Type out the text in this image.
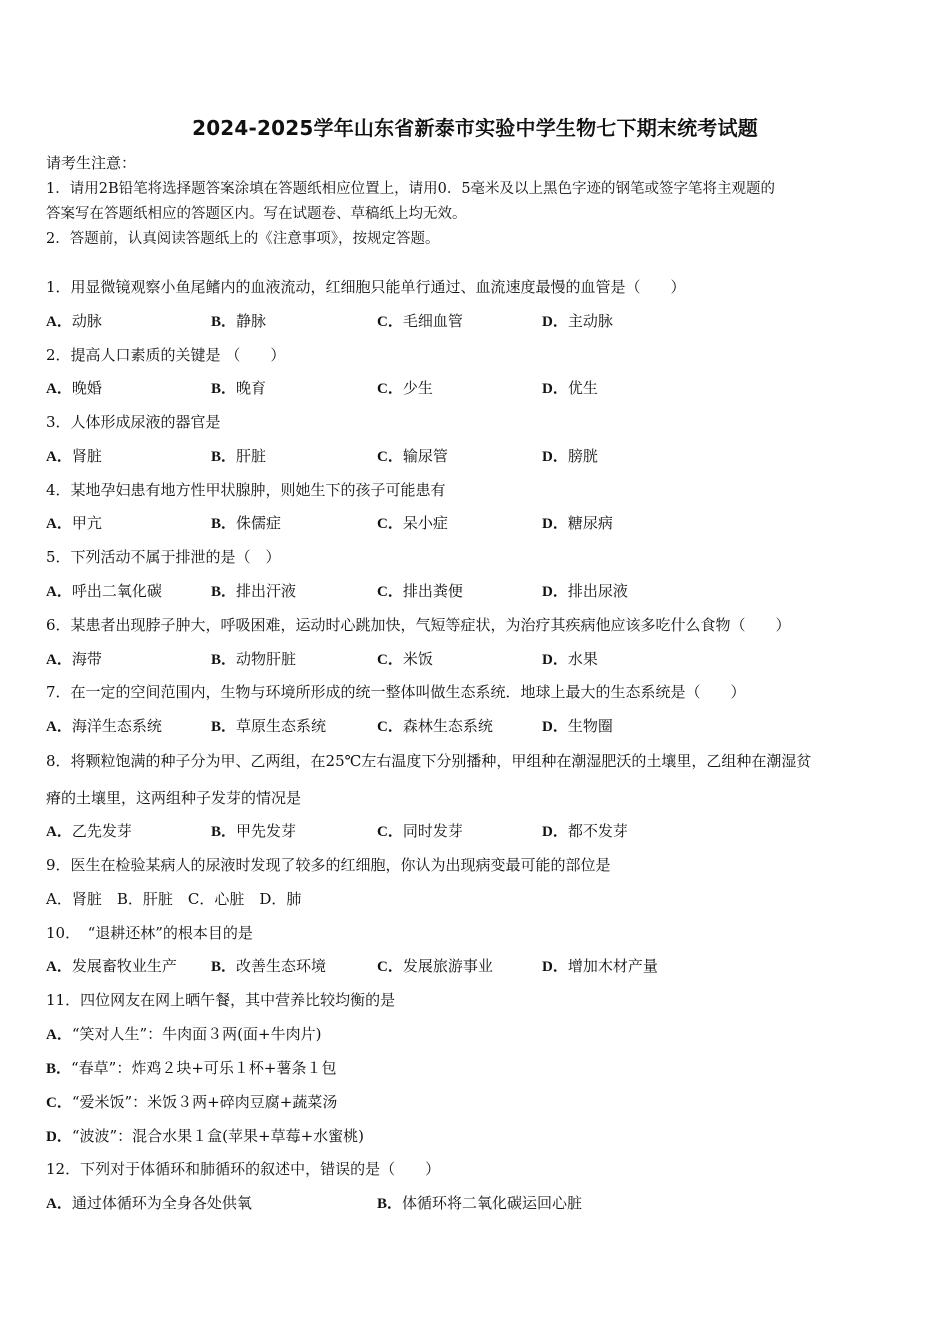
2024-2025学年山东省新泰市实验中学生物七下期末统考试题
请考生注意：
1．请用2B铅笔将选择题答案涂填在答题纸相应位置上，请用0．5毫米及以上黑色字迹的钢笔或签字笔将主观题的
答案写在答题纸相应的答题区内。写在试题卷、草稿纸上均无效。
2．答题前，认真阅读答题纸上的《注意事项》，按规定答题。
1．用显微镜观察小鱼尾鳍内的血液流动，红细胞只能单行通过、血流速度最慢的血管是（　　）
A．动脉	B．静脉	C．毛细血管	D．主动脉
2．提高人口素质的关键是 （　　）
A．晚婚	B．晚育	C．少生	D．优生
3．人体形成尿液的器官是
A．肾脏	B．肝脏	C．输尿管	D．膀胱
4．某地孕妇患有地方性甲状腺肿，则她生下的孩子可能患有
A．甲亢	B．侏儒症	C．呆小症	D．糖尿病
5．下列活动不属于排泄的是（　）
A．呼出二氧化碳	B．排出汗液	C．排出粪便	D．排出尿液
6．某患者出现脖子肿大，呼吸困难，运动时心跳加快，气短等症状，为治疗其疾病他应该多吃什么食物（　　）
A．海带	B．动物肝脏	C．米饭	D．水果
7．在一定的空间范围内，生物与环境所形成的统一整体叫做生态系统．地球上最大的生态系统是（　　）
A．海洋生态系统	B．草原生态系统	C．森林生态系统	D．生物圈
8．将颗粒饱满的种子分为甲、乙两组，在25℃左右温度下分别播种，甲组种在潮湿肥沃的土壤里，乙组种在潮湿贫
瘠的土壤里，这两组种子发芽的情况是
A．乙先发芽	B．甲先发芽	C．同时发芽	D．都不发芽
9．医生在检验某病人的尿液时发现了较多的红细胞，你认为出现病变最可能的部位是
A．肾脏　B．肝脏　C．心脏　D．肺
10．　“退耕还林”的根本目的是
A．发展畜牧业生产 B．改善生态环境	C．发展旅游事业	D．增加木材产量
11．四位网友在网上晒午餐，其中营养比较均衡的是
A．“笑对人生”：牛肉面３两(面+牛肉片)
B．“春草”：炸鸡２块+可乐１杯+薯条１包
C．“爱米饭”：米饭３两+碎肉豆腐+蔬菜汤
D．“波波”：混合水果１盒(苹果+草莓+水蜜桃)
12．下列对于体循环和肺循环的叙述中，错误的是（　　）
A．通过体循环为全身各处供氧	B．体循环将二氧化碳运回心脏
